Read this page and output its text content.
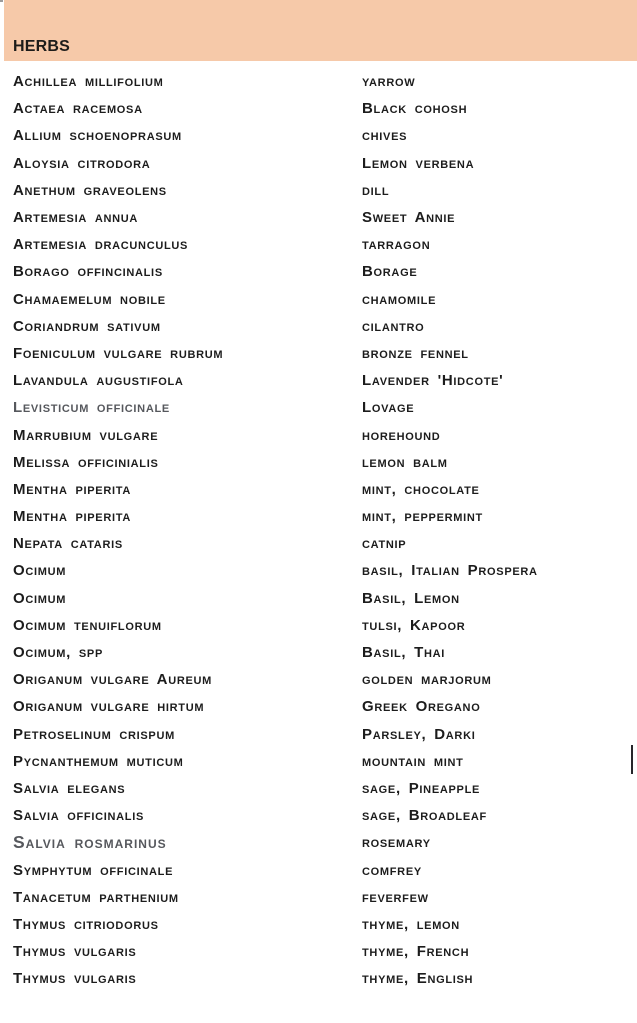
HERBS
Achillea millifolium	yarrow
Actaea racemosa	Black cohosh
Allium schoenoprasum	chives
Aloysia citrodora	Lemon verbena
Anethum graveolens	dill
Artemesia annua	Sweet Annie
Artemesia dracunculus	tarragon
Borago offincinalis	Borage
Chamaemelum nobile	chamomile
Coriandrum sativum	cilantro
Foeniculum vulgare rubrum	bronze fennel
Lavandula augustifola	Lavender 'Hidcote'
Levisticum officinale	Lovage
Marrubium vulgare	horehound
Melissa officinialis	lemon balm
Mentha piperita	mint, chocolate
Mentha piperita	mint, peppermint
Nepata cataris	catnip
Ocimum	basil, Italian Prospera
Ocimum	Basil, Lemon
Ocimum tenuiflorum	tulsi, Kapoor
Ocimum, spp	Basil, Thai
Origanum vulgare Aureum	golden marjorum
Origanum vulgare hirtum	Greek Oregano
Petroselinum crispum	Parsley, Darki
Pycnanthemum muticum	mountain mint
Salvia elegans	sage, Pineapple
Salvia officinalis	sage, Broadleaf
Salvia rosmarinus	rosemary
Symphytum officinale	comfrey
Tanacetum parthenium	feverfew
Thymus citriodorus	thyme, lemon
Thymus vulgaris	thyme, French
Thymus vulgaris	thyme, English
